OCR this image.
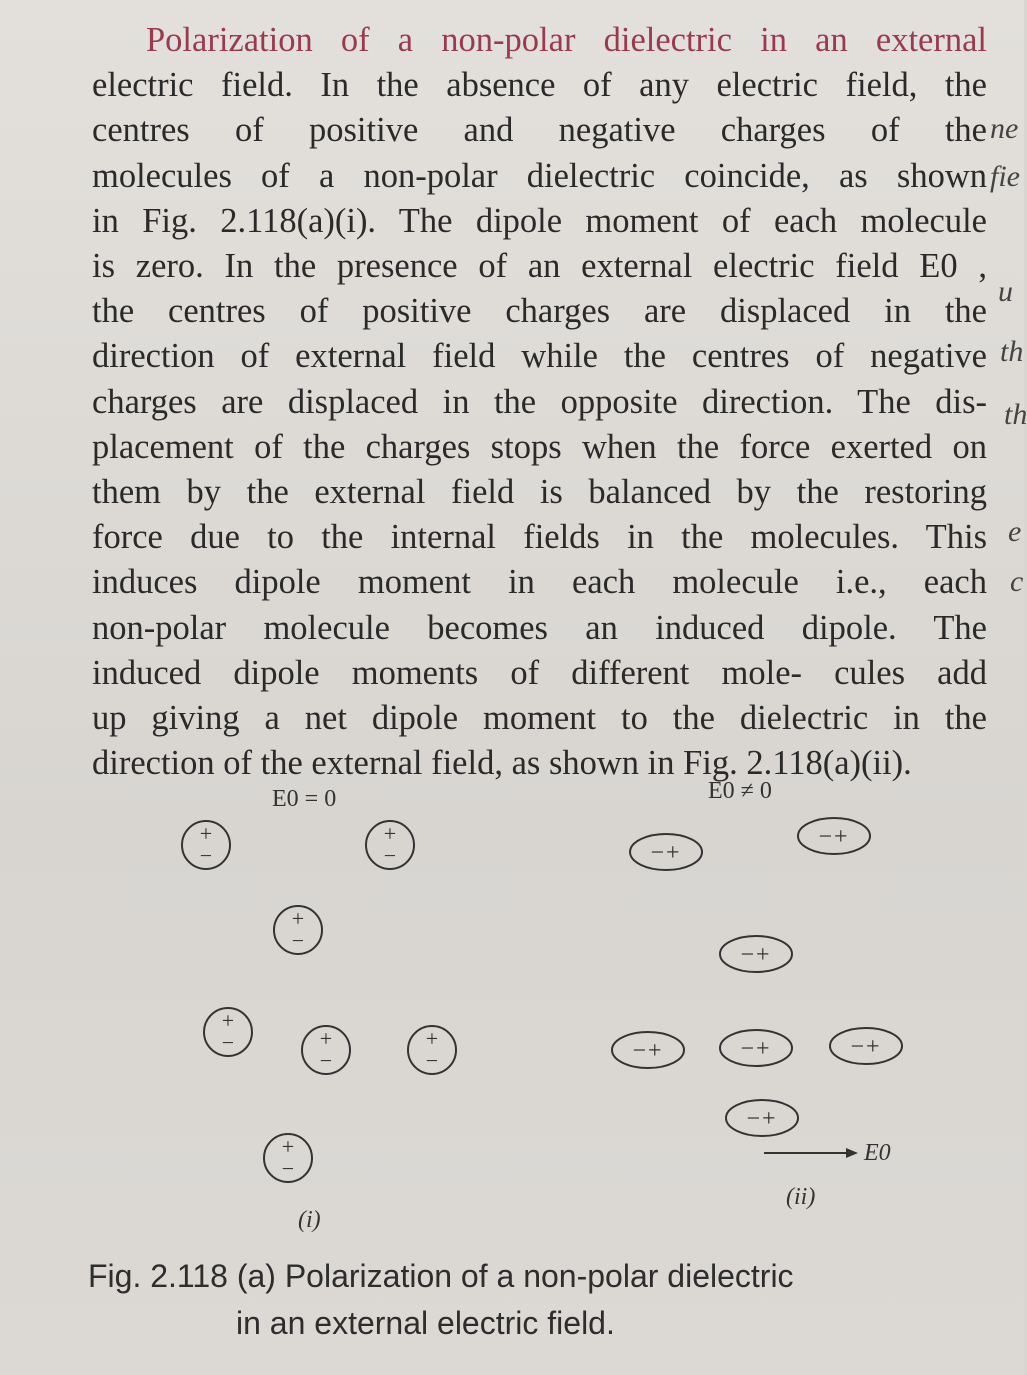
Polarization of a non-polar dielectric in an external
electric field. In the absence of any electric field, the
centres of positive and negative charges of the
molecules of a non-polar dielectric coincide, as shown
in Fig. 2.118(a)(i). The dipole moment of each molecule
is zero. In the presence of an external electric field E0 ,
the centres of positive charges are displaced in the
direction of external field while the centres of negative
charges are displaced in the opposite direction. The dis-
placement of the charges stops when the force exerted on
them by the external field is balanced by the restoring
force due to the internal fields in the molecules. This
induces dipole moment in each molecule i.e., each
non-polar molecule becomes an induced dipole. The
induced dipole moments of different mole- cules add
up giving a net dipole moment to the dielectric in the
direction of the external field, as shown in Fig. 2.118(a)(ii).
ne
fie
u
th
th
e
c
E0 = 0	E0 ≠ 0
+
−
+
−
+
−
+
−	+
−
+
−
+
−
−+
−+
−+
−+	−+	−+
−+
E0
(i)
(ii)
Fig. 2.118 (a) Polarization of a non-polar dielectric
in an external electric field.
